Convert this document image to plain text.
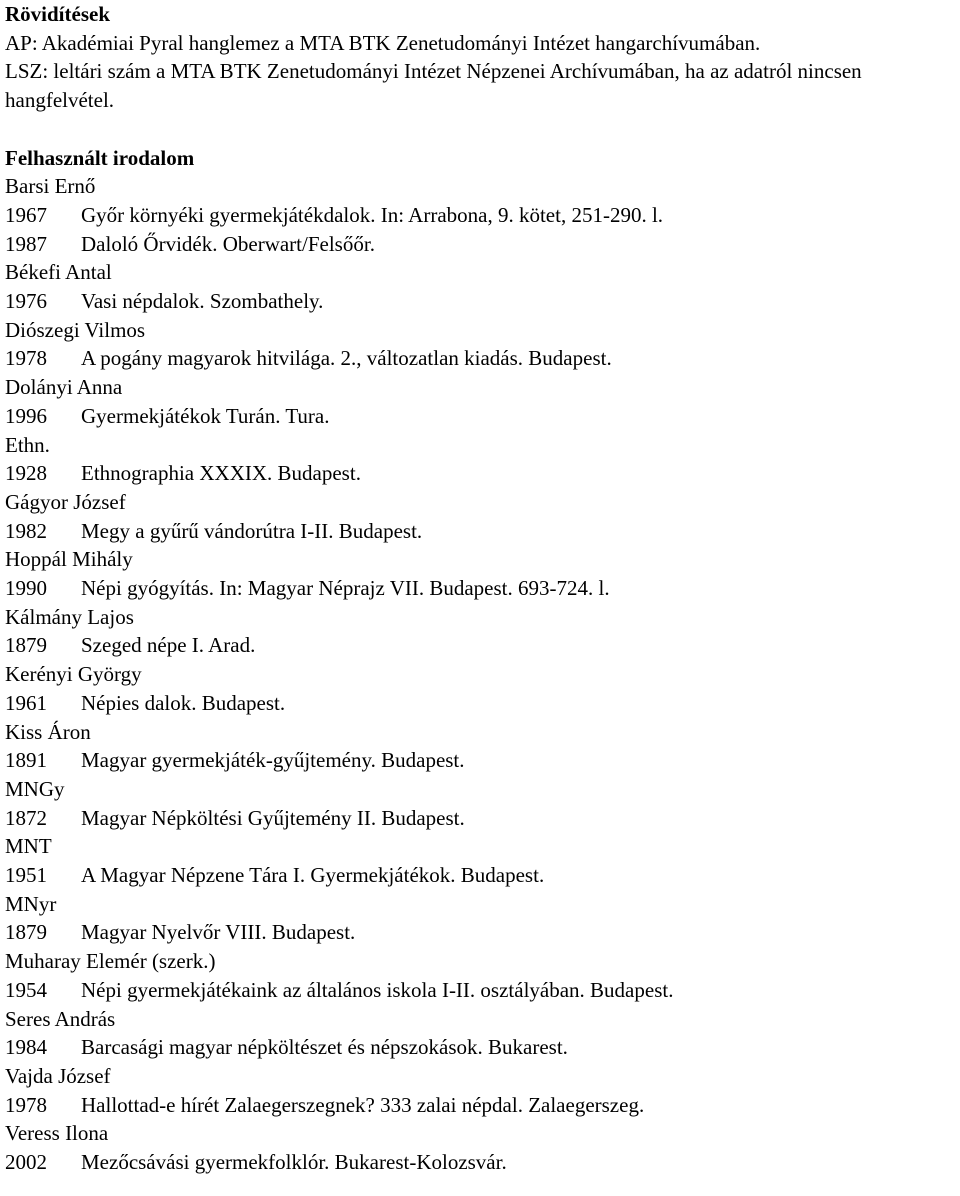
Rövidítések

AP: Akadémiai Pyral hanglemez a MTA BTK Zenetudományi Intézet hangarchívumában.

LSZ: leltári szám a MTA BTK Zenetudományi Intézet Népzenei Archívumában, ha az adatról nincsen hangfelvétel.

Felhasznált irodalom
Barsi Ernő
1967 Győr környéki gyermekjátékdalok. In: Arrabona, 9. kötet, 251-290. l.
1987 Daloló Őrvidék. Oberwart/Felsőőr.
Békefi Antal
1976 Vasi népdalok. Szombathely.
Diószegi Vilmos
1978 A pogány magyarok hitvilága. 2., változatlan kiadás. Budapest.
Dolányi Anna
1996 Gyermekjátékok Turán. Tura.
Ethn.
1928 Ethnographia XXXIX. Budapest.
Gágyor József
1982 Megy a gyűrű vándorútra I-II. Budapest.
Hoppál Mihály
1990 Népi gyógyítás. In: Magyar Néprajz VII. Budapest. 693-724. l.
Kálmány Lajos
1879 Szeged népe I. Arad.
Kerényi György
1961 Népies dalok. Budapest.
Kiss Áron
1891 Magyar gyermekjáték-gyűjtemény. Budapest.
MNGy
1872 Magyar Népköltési Gyűjtemény II. Budapest.
MNT
1951 A Magyar Népzene Tára I. Gyermekjátékok. Budapest.
MNyr
1879 Magyar Nyelvőr VIII. Budapest.
Muharay Elemér (szerk.)
1954 Népi gyermekjátékaink az általános iskola I-II. osztályában. Budapest.
Seres András
1984 Barcasági magyar népköltészet és népszokások. Bukarest.
Vajda József
1978 Hallottad-e hírét Zalaegerszegnek? 333 zalai népdal. Zalaegerszeg.
Veress Ilona
2002 Mezőcsávási gyermekfolklór. Bukarest-Kolozsvár.
